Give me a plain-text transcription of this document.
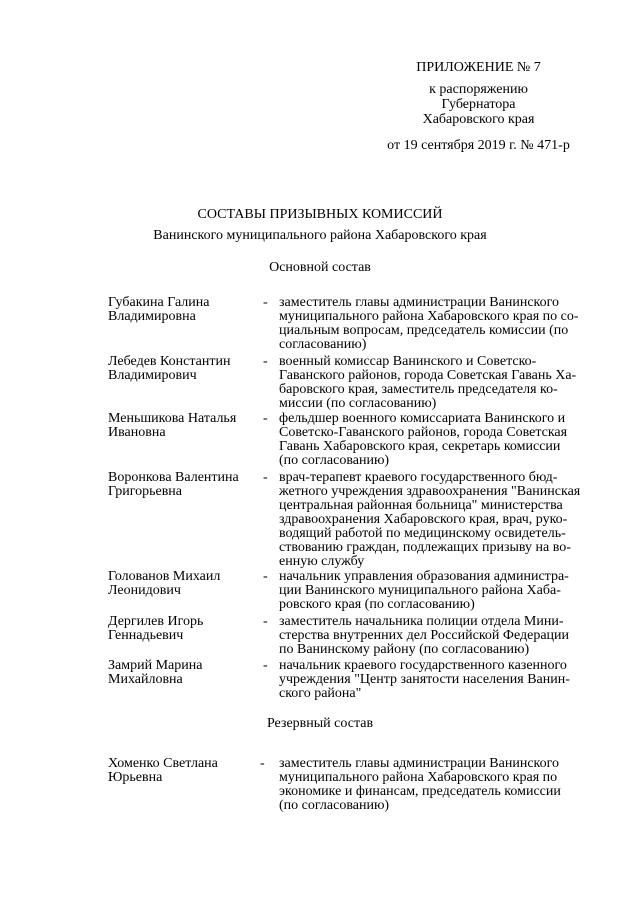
ПРИЛОЖЕНИЕ № 7
к распоряжению
Губернатора
Хабаровского края
от 19 сентября 2019 г. № 471-р
СОСТАВЫ ПРИЗЫВНЫХ КОМИССИЙ
Ванинского муниципального района Хабаровского края
Основной состав
Губакина Галина
Владимировна
- заместитель главы администрации Ванинского
муниципального района Хабаровского края по со-
циальным вопросам, председатель комиссии (по
согласованию)
Лебедев Константин
Владимирович
- военный комиссар Ванинского и Советско-
Гаванского районов, города Советская Гавань Ха-
баровского края, заместитель председателя ко-
миссии (по согласованию)
Меньшикова Наталья
Ивановна
- фельдшер военного комиссариата Ванинского и
Советско-Гаванского районов, города Советская
Гавань Хабаровского края, секретарь комиссии
(по согласованию)
Воронкова Валентина
Григорьевна
- врач-терапевт краевого государственного бюд-
жетного учреждения здравоохранения "Ванинская
центральная районная больница" министерства
здравоохранения Хабаровского края, врач, руко-
водящий работой по медицинскому освидетель-
ствованию граждан, подлежащих призыву на во-
енную службу
Голованов Михаил
Леонидович
- начальник управления образования администра-
ции Ванинского муниципального района Хаба-
ровского края (по согласованию)
Дергилев Игорь
Геннадьевич
- заместитель начальника полиции отдела Мини-
стерства внутренних дел Российской Федерации
по Ванинскому району (по согласованию)
Замрий Марина
Михайловна
- начальник краевого государственного казенного
учреждения "Центр занятости населения Ванин-
ского района"
Резервный состав
Хоменко Светлана
Юрьевна
- заместитель главы администрации Ванинского
муниципального района Хабаровского края по
экономике и финансам, председатель комиссии
(по согласованию)
